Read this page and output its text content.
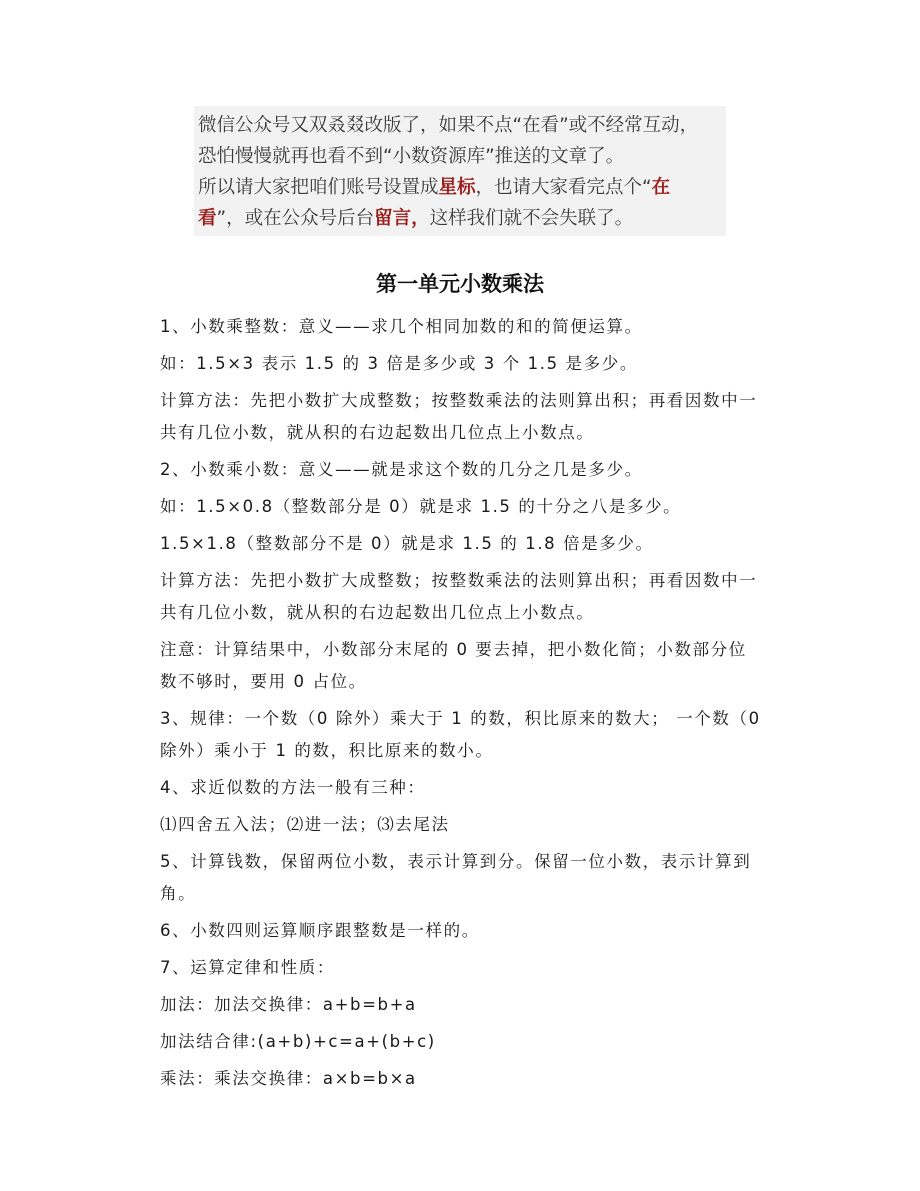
微信公众号又双叒叕改版了，如果不点“在看”或不经常互动，
恐怕慢慢就再也看不到“小数资源库”推送的文章了。
所以请大家把咱们账号设置成星标，也请大家看完点个“在
看”，或在公众号后台留言，这样我们就不会失联了。
第一单元小数乘法

1、小数乘整数：意义——求几个相同加数的和的简便运算。

如：1.5×3 表示 1.5 的 3 倍是多少或 3 个 1.5 是多少。

计算方法：先把小数扩大成整数；按整数乘法的法则算出积；再看因数中一共有几位小数，就从积的右边起数出几位点上小数点。

2、小数乘小数：意义——就是求这个数的几分之几是多少。

如：1.5×0.8（整数部分是 0）就是求 1.5 的十分之八是多少。

1.5×1.8（整数部分不是 0）就是求 1.5 的 1.8 倍是多少。

计算方法：先把小数扩大成整数；按整数乘法的法则算出积；再看因数中一共有几位小数，就从积的右边起数出几位点上小数点。

注意：计算结果中，小数部分末尾的 0 要去掉，把小数化简；小数部分位数不够时，要用 0 占位。

3、规律：一个数（0 除外）乘大于 1 的数，积比原来的数大； 一个数（0 除外）乘小于 1 的数，积比原来的数小。

4、求近似数的方法一般有三种：

⑴四舍五入法；⑵进一法；⑶去尾法

5、计算钱数，保留两位小数，表示计算到分。保留一位小数，表示计算到角。

6、小数四则运算顺序跟整数是一样的。

7、运算定律和性质：

加法：加法交换律：a+b=b+a

加法结合律:(a+b)+c=a+(b+c)

乘法：乘法交换律：a×b=b×a
